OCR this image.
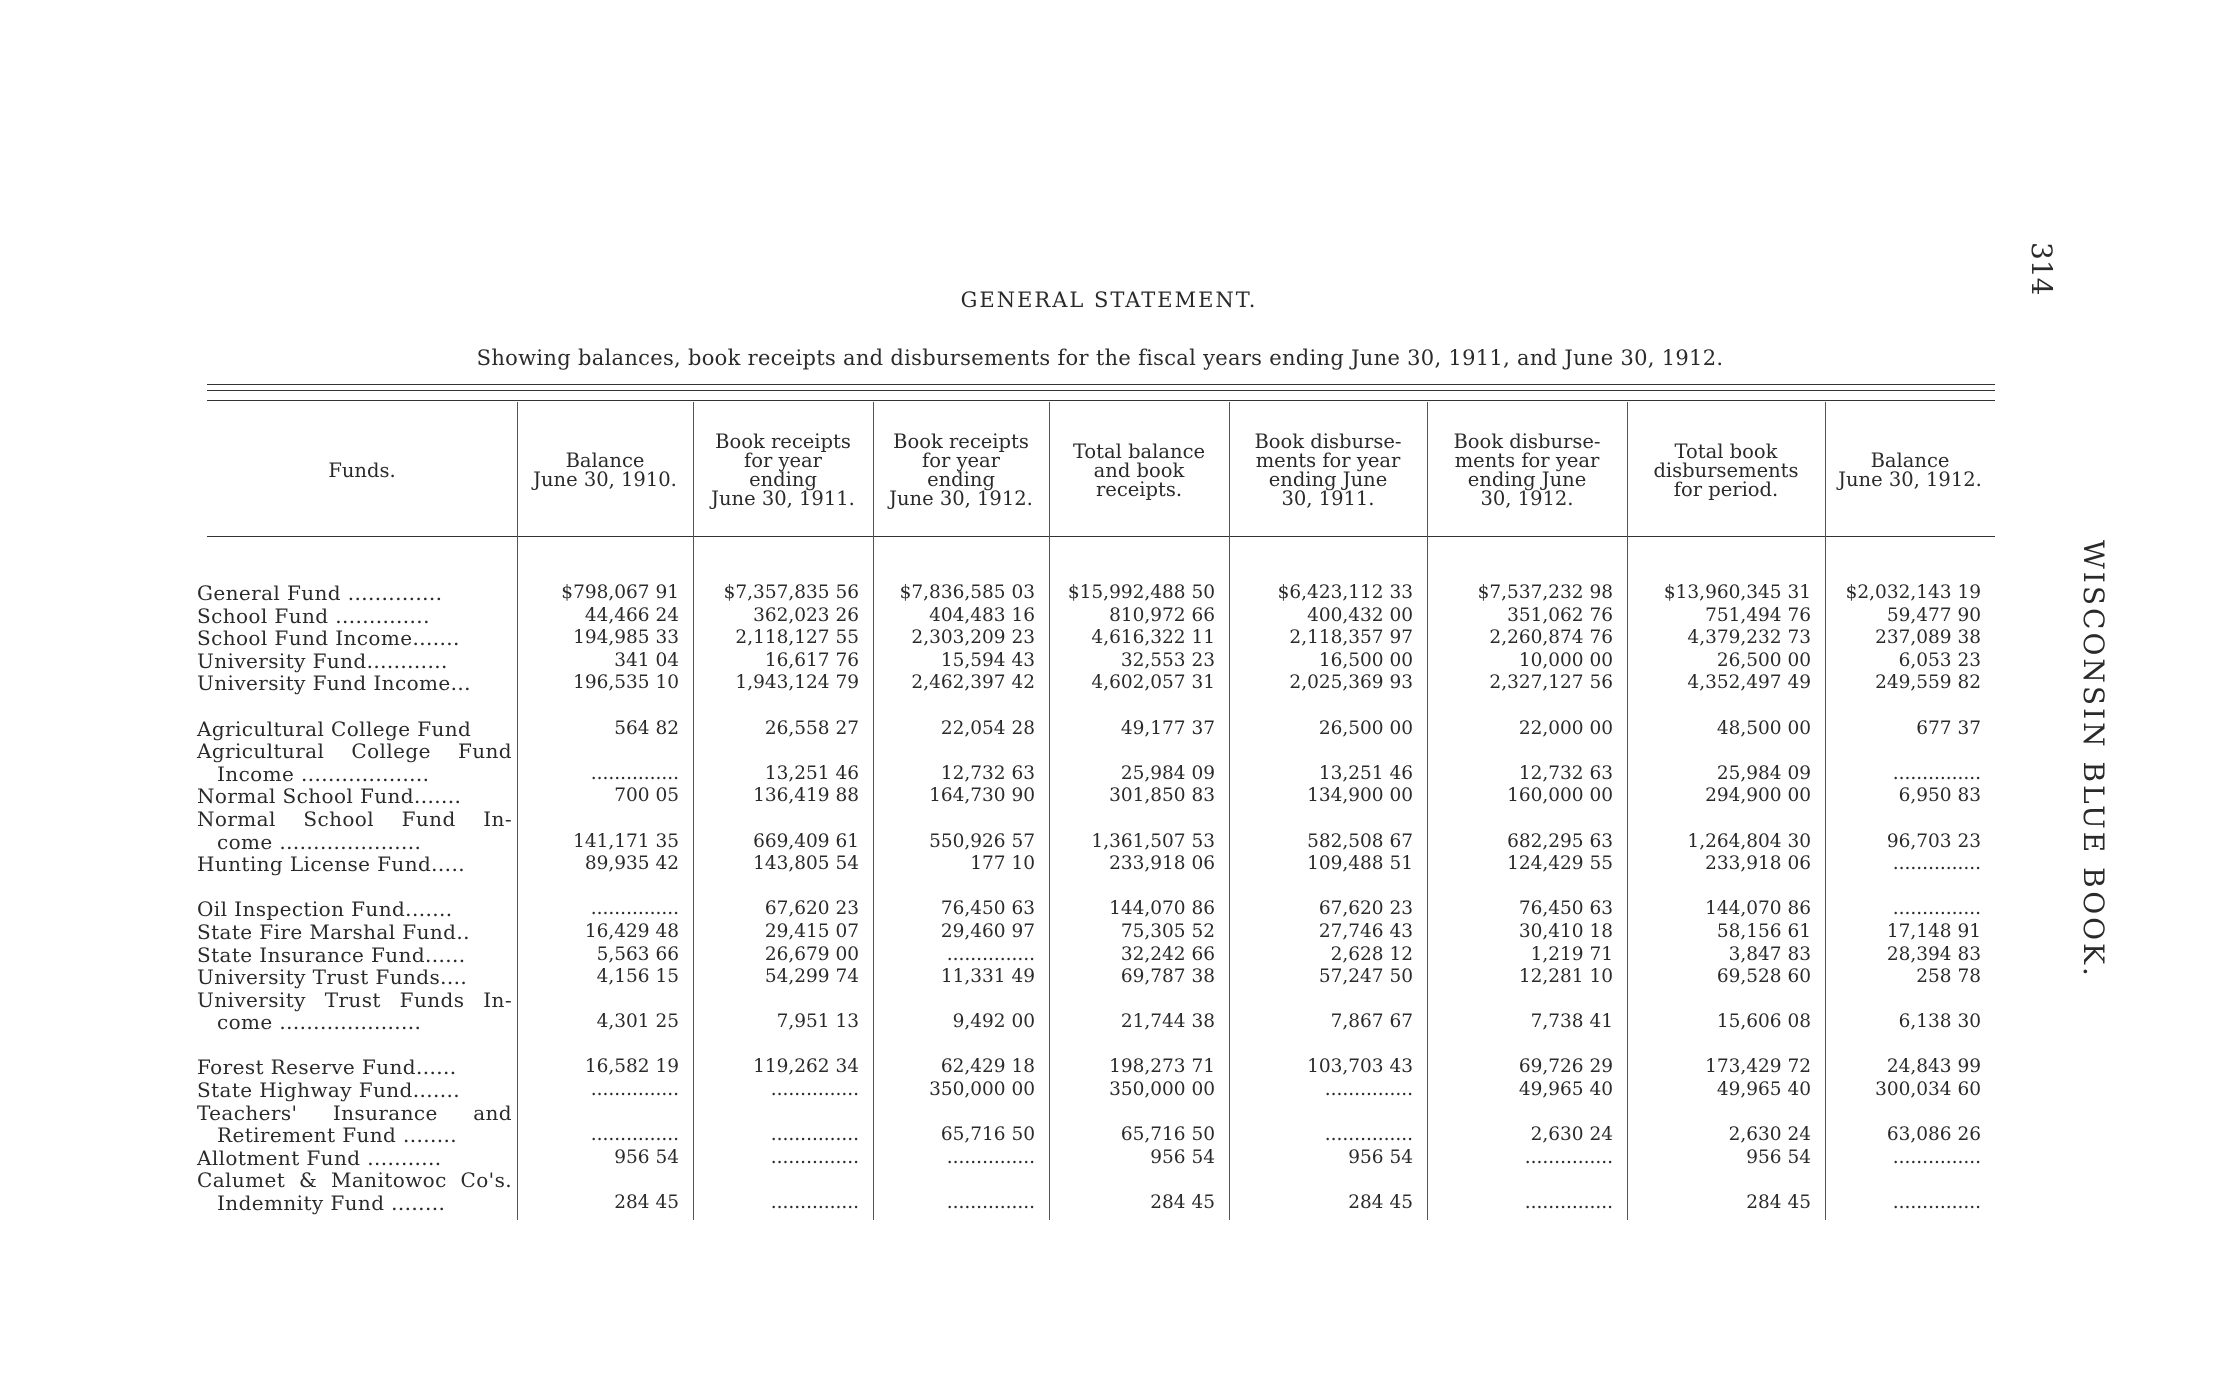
GENERAL STATEMENT.
Showing balances, book receipts and disbursements for the fiscal years ending June 30, 1911, and June 30, 1912.
314
WISCONSIN BLUE BOOK.
Funds.	Balance
June 30, 1910.
Book receipts
for year
ending
June 30, 1911.
Book receipts
for year
ending
June 30, 1912.
Total balance
and book
receipts.
Book disburse-
ments for year
ending June
30, 1911.
Book disburse-
ments for year
ending June
30, 1912.
Total book
disbursements
for period.
Balance
June 30, 1912.
General Fund ..............
School Fund ..............
School Fund Income.......
University Fund............
University Fund Income...

Agricultural College Fund
Agricultural College Fund
Income ...................
Normal School Fund.......
Normal School Fund In-
come .....................
Hunting License Fund.....

Oil Inspection Fund.......
State Fire Marshal Fund..
State Insurance Fund......
University Trust Funds....
University Trust Funds In-
come .....................

Forest Reserve Fund......
State Highway Fund.......
Teachers' Insurance and
Retirement Fund ........
Allotment Fund ...........
Calumet & Manitowoc Co's.
Indemnity Fund ........
$798,067 91
44,466 24
194,985 33
341 04
196,535 10

564 82

...............
700 05

141,171 35
89,935 42

...............
16,429 48
5,563 66
4,156 15

4,301 25

16,582 19
...............

...............
956 54

284 45
$7,357,835 56
362,023 26
2,118,127 55
16,617 76
1,943,124 79

26,558 27

13,251 46
136,419 88

669,409 61
143,805 54

67,620 23
29,415 07
26,679 00
54,299 74

7,951 13

119,262 34
...............

...............
...............

...............
$7,836,585 03
404,483 16
2,303,209 23
15,594 43
2,462,397 42

22,054 28

12,732 63
164,730 90

550,926 57
177 10

76,450 63
29,460 97
...............
11,331 49

9,492 00

62,429 18
350,000 00

65,716 50
...............

...............
$15,992,488 50
810,972 66
4,616,322 11
32,553 23
4,602,057 31

49,177 37

25,984 09
301,850 83

1,361,507 53
233,918 06

144,070 86
75,305 52
32,242 66
69,787 38

21,744 38

198,273 71
350,000 00

65,716 50
956 54

284 45
$6,423,112 33
400,432 00
2,118,357 97
16,500 00
2,025,369 93

26,500 00

13,251 46
134,900 00

582,508 67
109,488 51

67,620 23
27,746 43
2,628 12
57,247 50

7,867 67

103,703 43
...............

...............
956 54

284 45
$7,537,232 98
351,062 76
2,260,874 76
10,000 00
2,327,127 56

22,000 00

12,732 63
160,000 00

682,295 63
124,429 55

76,450 63
30,410 18
1,219 71
12,281 10

7,738 41

69,726 29
49,965 40

2,630 24
...............

...............
$13,960,345 31
751,494 76
4,379,232 73
26,500 00
4,352,497 49

48,500 00

25,984 09
294,900 00

1,264,804 30
233,918 06

144,070 86
58,156 61
3,847 83
69,528 60

15,606 08

173,429 72
49,965 40

2,630 24
956 54

284 45
$2,032,143 19
59,477 90
237,089 38
6,053 23
249,559 82

677 37

...............
6,950 83

96,703 23
...............

...............
17,148 91
28,394 83
258 78

6,138 30

24,843 99
300,034 60

63,086 26
...............

...............
